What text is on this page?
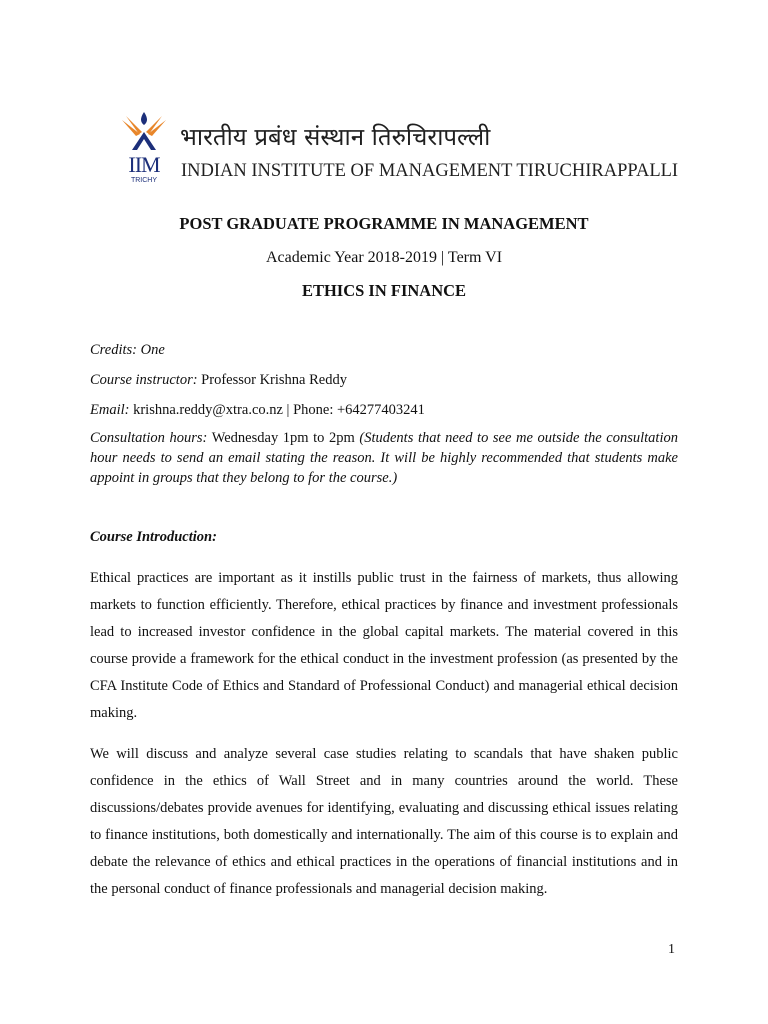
IIM
TRICHY
भारतीय प्रबंध संस्थान तिरुचिरापल्ली
INDIAN INSTITUTE OF MANAGEMENT TIRUCHIRAPPALLI
POST GRADUATE PROGRAMME IN MANAGEMENT
Academic Year 2018-2019 | Term VI
ETHICS IN FINANCE
Credits: One
Course instructor: Professor Krishna Reddy
Email: krishna.reddy@xtra.co.nz | Phone: +64277403241
Consultation hours: Wednesday 1pm to 2pm (Students that need to see me outside the consultation hour needs to send an email stating the reason. It will be highly recommended that students make appoint in groups that they belong to for the course.)
Course Introduction:
Ethical practices are important as it instills public trust in the fairness of markets, thus allowing markets to function efficiently. Therefore, ethical practices by finance and investment professionals lead to increased investor confidence in the global capital markets. The material covered in this course provide a framework for the ethical conduct in the investment profession (as presented by the CFA Institute Code of Ethics and Standard of Professional Conduct) and managerial ethical decision making.
We will discuss and analyze several case studies relating to scandals that have shaken public confidence in the ethics of Wall Street and in many countries around the world. These discussions/debates provide avenues for identifying, evaluating and discussing ethical issues relating to finance institutions, both domestically and internationally. The aim of this course is to explain and debate the relevance of ethics and ethical practices in the operations of financial institutions and in the personal conduct of finance professionals and managerial decision making.
1
